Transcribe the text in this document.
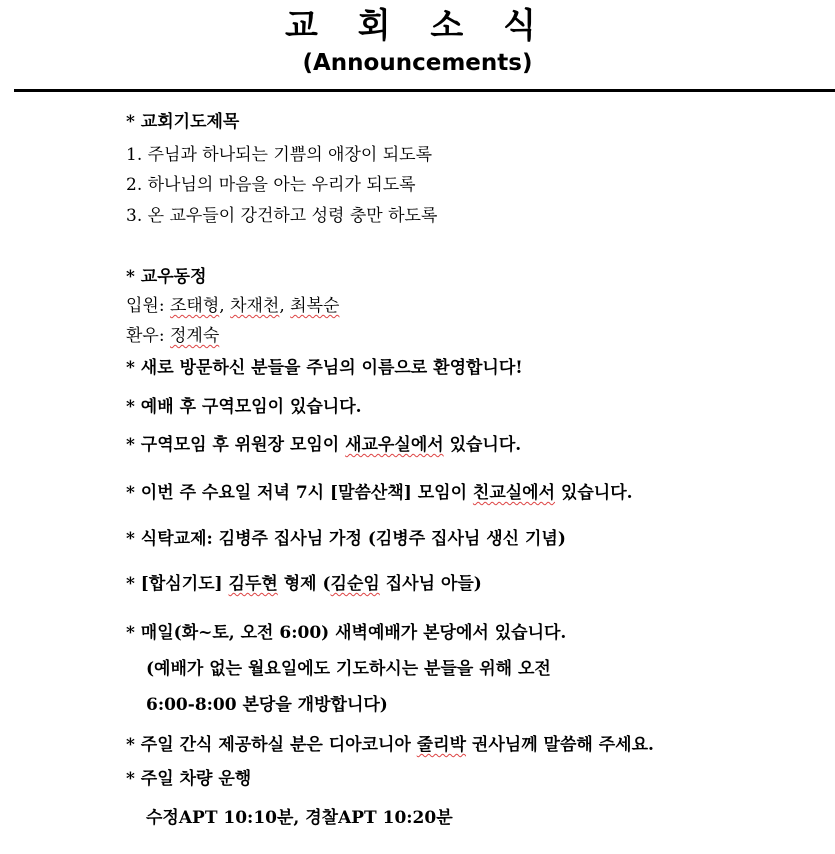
교 회 소 식
(Announcements)
* 교회기도제목
1. 주님과 하나되는 기쁨의 애장이 되도록
2. 하나님의 마음을 아는 우리가 되도록
3. 온 교우들이 강건하고 성령 충만 하도록
* 교우동정
입원: 조태형, 차재천, 최복순
환우: 정계숙
* 새로 방문하신 분들을 주님의 이름으로 환영합니다!
* 예배 후 구역모임이 있습니다.
* 구역모임 후 위원장 모임이 새교우실에서 있습니다.
* 이번 주 수요일 저녁 7시 [말씀산책] 모임이 친교실에서 있습니다.
* 식탁교제: 김병주 집사님 가정 (김병주 집사님 생신 기념)
* [합심기도] 김두현 형제 (김순임 집사님 아들)
* 매일(화~토, 오전 6:00) 새벽예배가 본당에서 있습니다.
(예배가 없는 월요일에도 기도하시는 분들을 위해 오전
6:00-8:00 본당을 개방합니다)
* 주일 간식 제공하실 분은 디아코니아 줄리박 권사님께 말씀해 주세요.
* 주일 차량 운행
수정APT 10:10분, 경찰APT 10:20분
